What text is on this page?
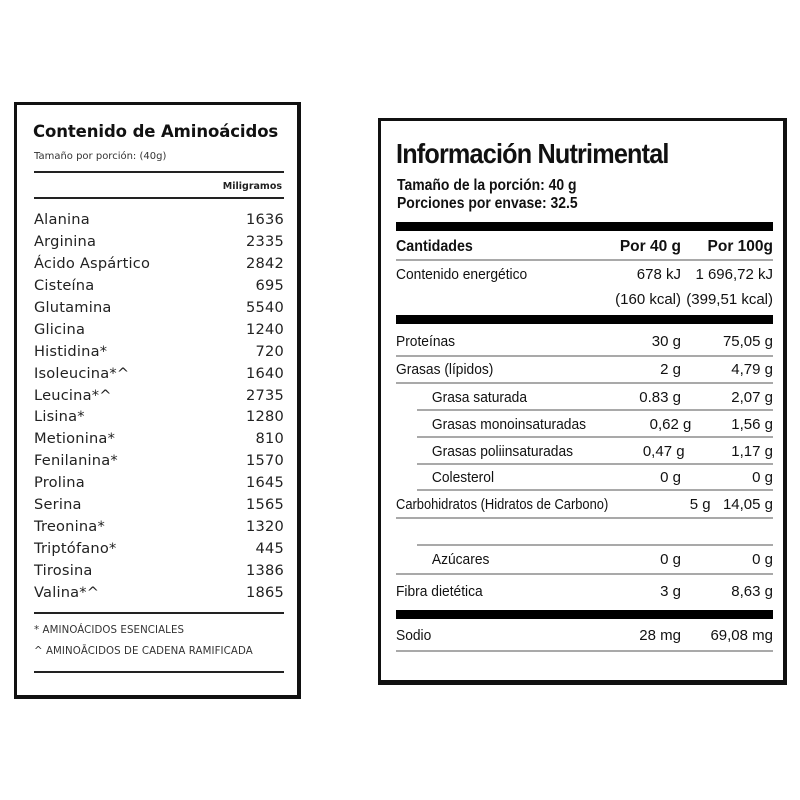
Contenido de Aminoácidos
Tamaño por porción: (40g)
Miligramos
Alanina	1636
Arginina	2335
Ácido Aspártico	2842
Cisteína	695
Glutamina	5540
Glicina	1240
Histidina*	720
Isoleucina*^	1640
Leucina*^	2735
Lisina*	1280
Metionina*	810
Fenilanina*	1570
Prolina	1645
Serina	1565
Treonina*	1320
Triptófano*	445
Tirosina	1386
Valina*^	1865
* AMINOÁCIDOS ESENCIALES
^ AMINOĀCIDOS DE CADENA RAMIFICADA
Información Nutrimental
Tamaño de la porción: 40 g
Porciones por envase: 32.5
Cantidades	Por 40 g	Por 100g
Contenido energético	678 kJ 1 696,72 kJ
(160 kcal) (399,51 kcal)
Proteínas	30 g	75,05 g
Grasas (lípidos)	2 g	4,79 g
Grasa saturada	0.83 g	2,07 g
Grasas monoinsaturadas	0,62 g	1,56 g
Grasas poliinsaturadas	0,47 g	1,17 g
Colesterol	0 g	0 g
Carbohidratos (Hidratos de Carbono)	5 g 14,05 g
Azúcares	0 g	0 g
Fibra dietética	3 g	8,63 g
Sodio	28 mg	69,08 mg
